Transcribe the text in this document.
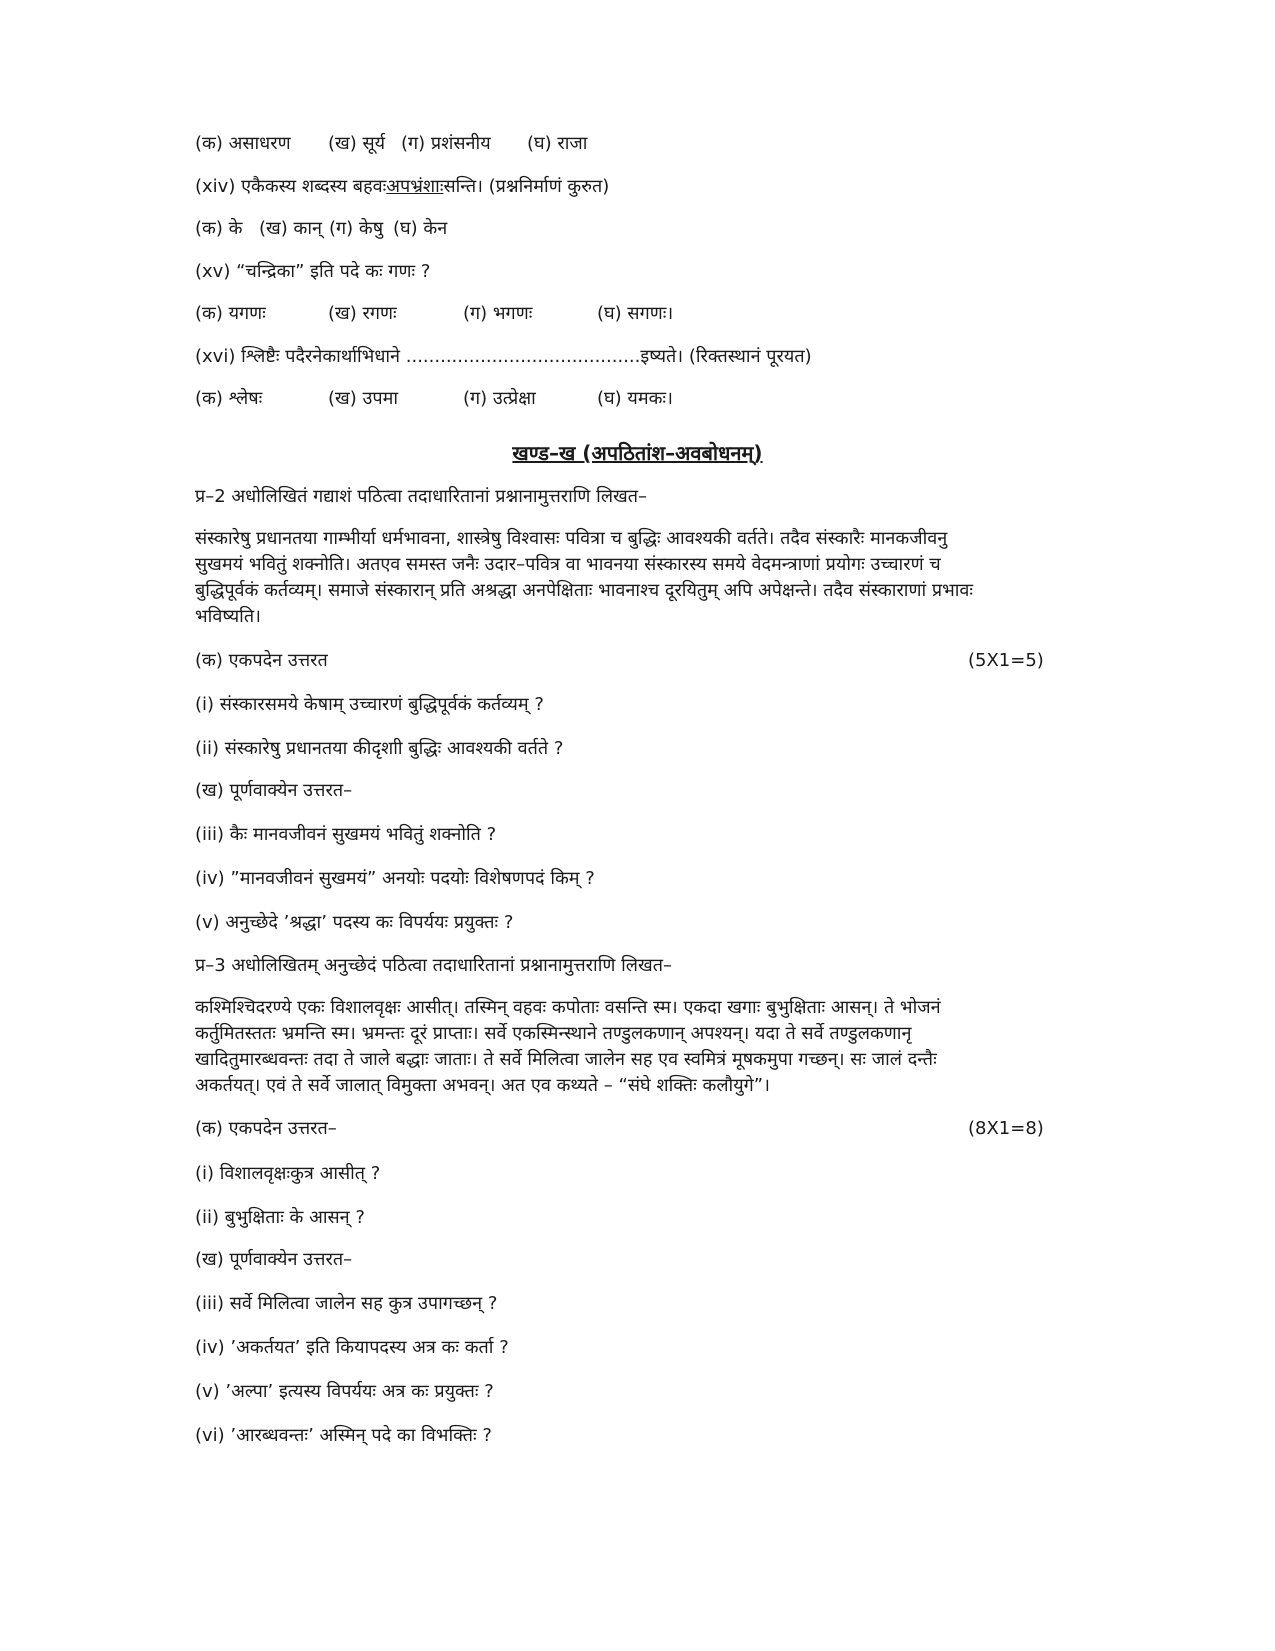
(क) असाधरण (ख) सूर्य (ग) प्रशंसनीय (घ) राजा
(xiv) एकैकस्य शब्दस्य बहवःअपभ्रंशाःसन्ति। (प्रश्ननिर्माणं कुरुत)
(क) के (ख) कान् (ग) केषु (घ) केन
(xv) “चन्द्रिका” इति पदे कः गणः ?
(क) यगणः	(ख) रगणः	(ग) भगणः	(घ) सगणः।
(xvi) श्लिष्टैः पदैरनेकार्थाभिधाने .........................................इष्यते। (रिक्तस्थानं पूरयत)
(क) श्लेषः	(ख) उपमा	(ग) उत्प्रेक्षा	(घ) यमकः।
खण्ड–ख (अपठितांश–अवबोधनम्)
प्र–2 अधोलिखितं गद्याशं पठित्वा तदाधारितानां प्रश्नानामुत्तराणि लिखत–
संस्कारेषु प्रधानतया गाम्भीर्या धर्मभावना, शास्त्रेषु विश्वासः पवित्रा च बुद्धिः आवश्यकी वर्तते। तदैव संस्कारैः मानकजीवनु
सुखमयं भवितुं शक्नोति। अतएव समस्त जनैः उदार–पवित्र वा भावनया संस्कारस्य समये वेदमन्त्राणां प्रयोगः उच्चारणं च
बुद्धिपूर्वकं कर्तव्यम्। समाजे संस्कारान् प्रति अश्रद्धा अनपेक्षिताः भावनाश्च दूरयितुम् अपि अपेक्षन्ते। तदैव संस्काराणां प्रभावः
भविष्यति।
(क) एकपदेन उत्तरत	(5X1=5)
(i) संस्कारसमये केषाम् उच्चारणं बुद्धिपूर्वकं कर्तव्यम् ?
(ii) संस्कारेषु प्रधानतया कीदृशाी बुद्धिः आवश्यकी वर्तते ?
(ख) पूर्णवाक्येन उत्तरत–
(iii) कैः मानवजीवनं सुखमयं भवितुं शक्नोति ?
(iv) ”मानवजीवनं सुखमयं” अनयोः पदयोः विशेषणपदं किम् ?
(v) अनुच्छेदे ’श्रद्धा’ पदस्य कः विपर्ययः प्रयुक्तः ?
प्र–3 अधोलिखितम् अनुच्छेदं पठित्वा तदाधारितानां प्रश्नानामुत्तराणि लिखत–
कश्मिश्चिदरण्ये एकः विशालवृक्षः आसीत्। तस्मिन् वहवः कपोताः वसन्ति स्म। एकदा खगाः बुभुक्षिताः आसन्। ते भोजनं
कर्तुमितस्ततः भ्रमन्ति स्म। भ्रमन्तः दूरं प्राप्ताः। सर्वे एकस्मिन्स्थाने तण्डुलकणान् अपश्यन्। यदा ते सर्वे तण्डुलकणानृ
खादितुमारब्धवन्तः तदा ते जाले बद्धाः जाताः। ते सर्वे मिलित्वा जालेन सह एव स्वमित्रं मूषकमुपा गच्छन्। सः जालं दन्तैः
अकर्तयत्। एवं ते सर्वे जालात् विमुक्ता अभवन्। अत एव कथ्यते – “संघे शक्तिः कलौयुगे”।
(क) एकपदेन उत्तरत–	(8X1=8)
(i) विशालवृक्षःकुत्र आसीत् ?
(ii) बुभुक्षिताः के आसन् ?
(ख) पूर्णवाक्येन उत्तरत–
(iii) सर्वे मिलित्वा जालेन सह कुत्र उपागच्छन् ?
(iv) ’अकर्तयत’ इति कियापदस्य अत्र कः कर्ता ?
(v) ’अल्पा’ इत्यस्य विपर्ययः अत्र कः प्रयुक्तः ?
(vi) ’आरब्धवन्तः’ अस्मिन् पदे का विभक्तिः ?
